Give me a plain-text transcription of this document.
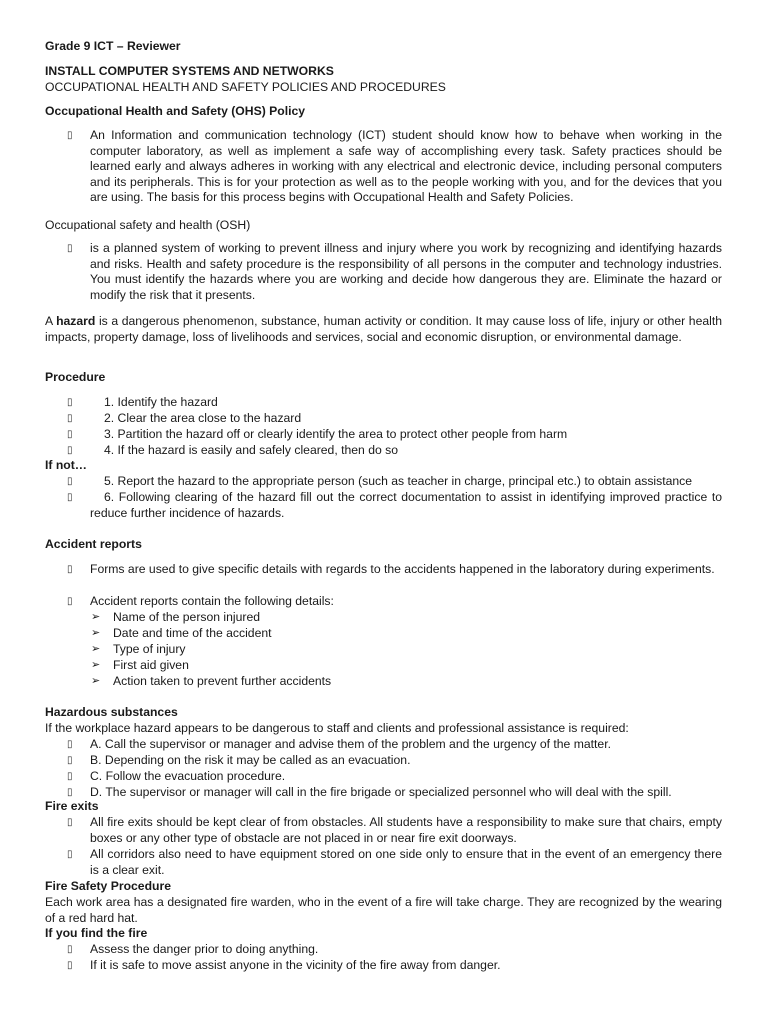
Grade 9 ICT – Reviewer
INSTALL COMPUTER SYSTEMS AND NETWORKS
OCCUPATIONAL HEALTH AND SAFETY POLICIES AND PROCEDURES
Occupational Health and Safety (OHS) Policy
▯ An Information and communication technology (ICT) student should know how to behave when working in the computer laboratory, as well as implement a safe way of accomplishing every task. Safety practices should be learned early and always adheres in working with any electrical and electronic device, including personal computers and its peripherals. This is for your protection as well as to the people working with you, and for the devices that you are using. The basis for this process begins with Occupational Health and Safety Policies.

Occupational safety and health (OSH)
▯ is a planned system of working to prevent illness and injury where you work by recognizing and identifying hazards and risks. Health and safety procedure is the responsibility of all persons in the computer and technology industries. You must identify the hazards where you are working and decide how dangerous they are. Eliminate the hazard or modify the risk that it presents.

A hazard is a dangerous phenomenon, substance, human activity or condition. It may cause loss of life, injury or other health impacts, property damage, loss of livelihoods and services, social and economic disruption, or environmental damage.

Procedure
▯	1. Identify the hazard
▯	2. Clear the area close to the hazard
▯	3. Partition the hazard off or clearly identify the area to protect other people from harm
▯	4. If the hazard is easily and safely cleared, then do so
If not…
▯	5. Report the hazard to the appropriate person (such as teacher in charge, principal etc.) to obtain assistance
▯	6. Following clearing of the hazard fill out the correct documentation to assist in identifying improved practice to reduce further incidence of hazards.

Accident reports
▯ Forms are used to give specific details with regards to the accidents happened in the laboratory during experiments.

▯ Accident reports contain the following details:
➢ Name of the person injured
➢ Date and time of the accident
➢ Type of injury
➢ First aid given
➢ Action taken to prevent further accidents
Hazardous substances
If the workplace hazard appears to be dangerous to staff and clients and professional assistance is required:
▯ A. Call the supervisor or manager and advise them of the problem and the urgency of the matter.
▯ B. Depending on the risk it may be called as an evacuation.
▯ C. Follow the evacuation procedure.
▯ D. The supervisor or manager will call in the fire brigade or specialized personnel who will deal with the spill.
Fire exits
▯ All fire exits should be kept clear of from obstacles. All students have a responsibility to make sure that chairs, empty boxes or any other type of obstacle are not placed in or near fire exit doorways.

▯ All corridors also need to have equipment stored on one side only to ensure that in the event of an emergency there is a clear exit.

Fire Safety Procedure

Each work area has a designated fire warden, who in the event of a fire will take charge. They are recognized by the wearing of a red hard hat.

If you find the fire
▯ Assess the danger prior to doing anything.
▯ If it is safe to move assist anyone in the vicinity of the fire away from danger.
